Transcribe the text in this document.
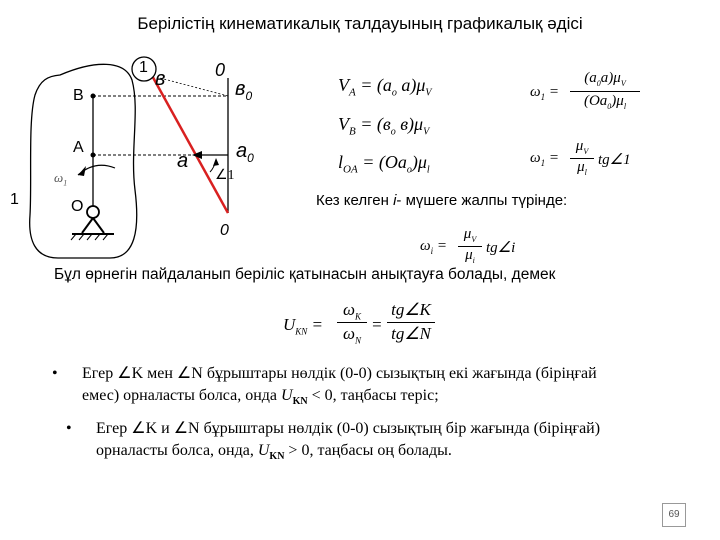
Берілістің кинематикалық талдауының графикалық әдісі
B
A
O
1
$\omega_1$
1
в	0
$в_0$
а $а_0$
∠1
0
$V_A = (a_o$ $a)\mu_V$
$V_B = (в_o$ $в)\mu_V$
$l_{OA} = (Oa_o)\mu_l$
$\omega_1$ =
$(a_0a)\mu_V$
$(Oa_0)\mu_l$
$\omega_1$ =
$\mu_V$
$\mu_l$
tg∠1
Кез келген i- мүшеге жалпы түрінде:
$\omega_i$ =
$\mu_V$
$\mu_i$
tg∠i
Бұл өрнегін пайдаланып беріліс қатынасын анықтауға болады, демек
$U_{KN}$ =
$\omega_K$
$\omega_N$
=
tg∠K
tg∠N
• Егер ∠K мен ∠N бұрыштары нөлдік (0-0) сызықтың екі жағында (біріңғай
емес) орналасты болса, онда $U_{KN} < 0$, таңбасы теріс;
• Егер ∠K и ∠N бұрыштары нөлдік (0-0) сызықтың бір жағында (біріңғай)
орналасты болса, онда, $U_{KN} > 0$, таңбасы оң болады.
69
